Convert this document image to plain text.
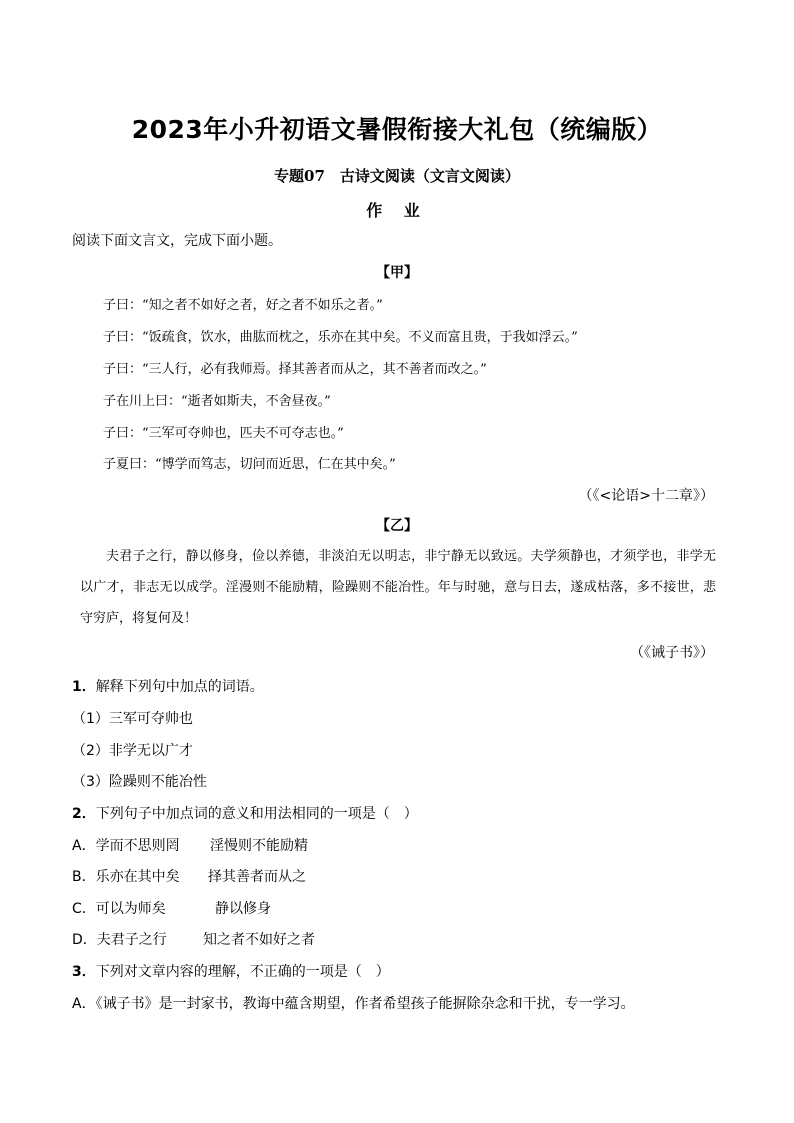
2023年小升初语文暑假衔接大礼包（统编版）
专题07　古诗文阅读（文言文阅读）
作 业
阅读下面文言文，完成下面小题。
【甲】
子曰：“知之者不如好之者，好之者不如乐之者。”
子曰：“饭疏食，饮水，曲肱而枕之，乐亦在其中矣。不义而富且贵，于我如浮云。”
子曰：“三人行，必有我师焉。择其善者而从之，其不善者而改之。”
子在川上曰：“逝者如斯夫，不舍昼夜。”
子曰：“三军可夺帅也，匹夫不可夺志也。”
子夏曰：“博学而笃志，切问而近思，仁在其中矣。”
（《<论语>十二章》）
【乙】
夫君子之行，静以修身，俭以养德，非淡泊无以明志，非宁静无以致远。夫学须静也，才须学也，非学无以广才，非志无以成学。淫漫则不能励精，险躁则不能冶性。年与时驰，意与日去，遂成枯落，多不接世，悲守穷庐，将复何及！
（《诫子书》）
1．解释下列句中加点的词语。
（1）三军可夺帅也
（2）非学无以广才
（3）险躁则不能冶性
2．下列句子中加点词的意义和用法相同的一项是（　）
A．学而不思则罔 淫慢则不能励精
B．乐亦在其中矣 择其善者而从之
C．可以为师矣	静以修身
D．夫君子之行	知之者不如好之者
3．下列对文章内容的理解，不正确的一项是（　）
A．《诫子书》是一封家书，教诲中蕴含期望，作者希望孩子能摒除杂念和干扰，专一学习。
